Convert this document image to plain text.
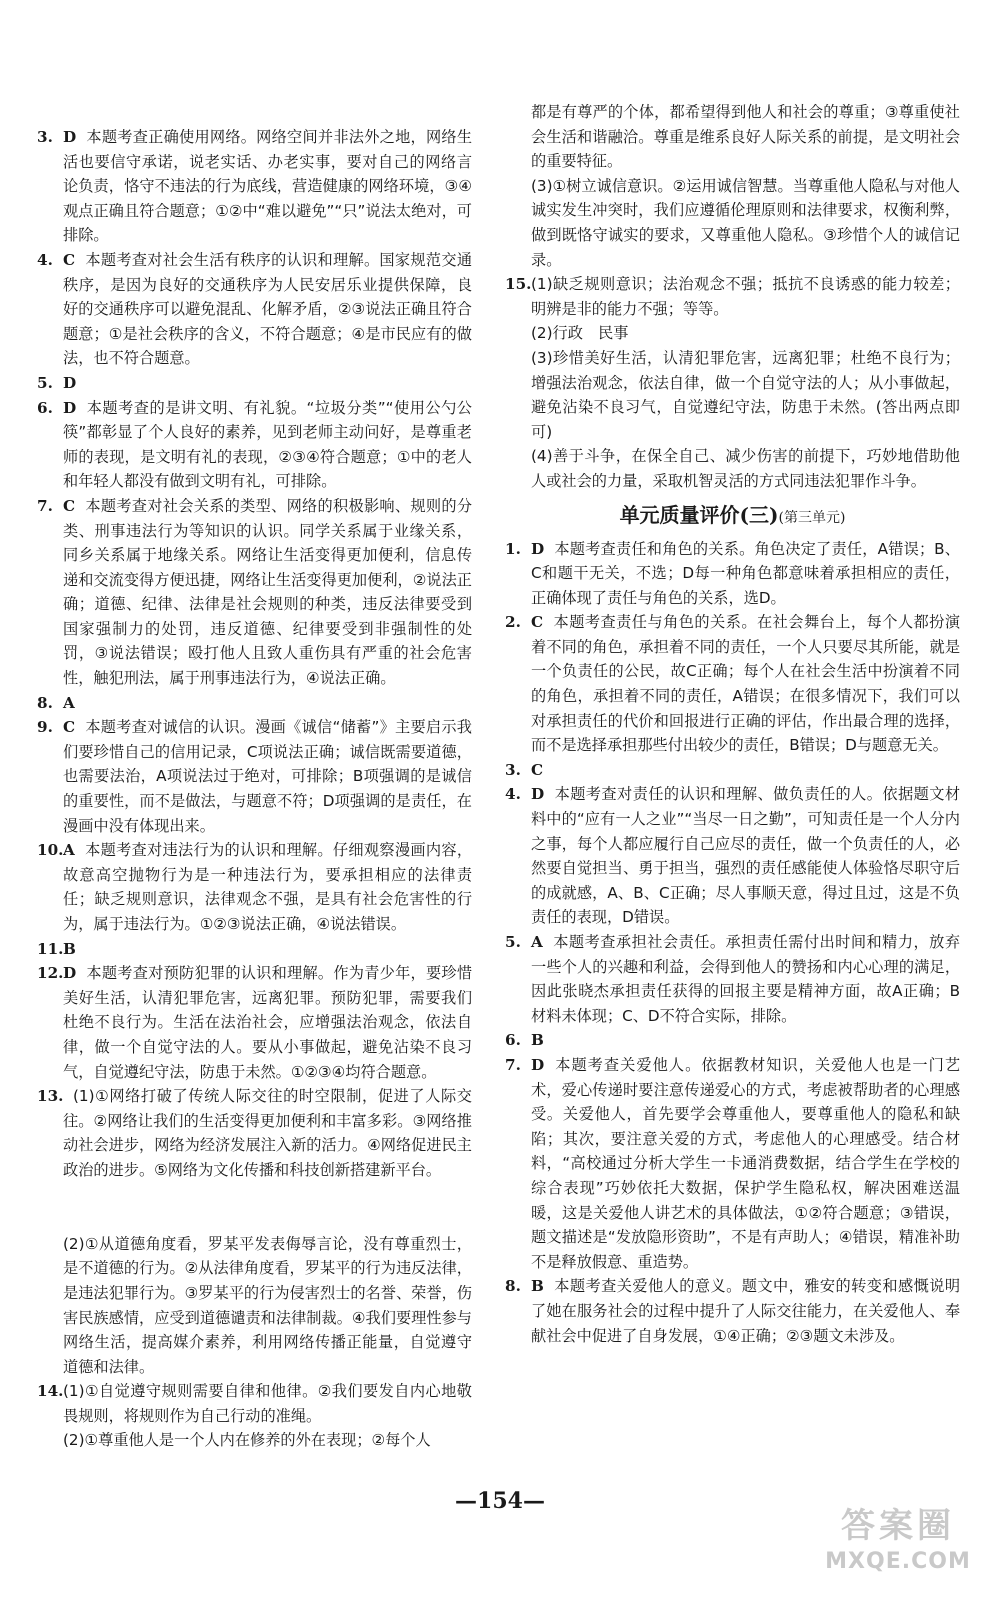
3. D 本题考查正确使用网络。网络空间并非法外之地，网络生活也要信守承诺，说老实话、办老实事，要对自己的网络言论负责，恪守不违法的行为底线，营造健康的网络环境，③④观点正确且符合题意；①②中“难以避免”“只”说法太绝对，可排除。

4. C 本题考查对社会生活有秩序的认识和理解。国家规范交通秩序，是因为良好的交通秩序为人民安居乐业提供保障，良好的交通秩序可以避免混乱、化解矛盾，②③说法正确且符合题意；①是社会秩序的含义，不符合题意；④是市民应有的做法，也不符合题意。

5. D

6. D 本题考查的是讲文明、有礼貌。“垃圾分类”“使用公勺公筷”都彰显了个人良好的素养，见到老师主动问好，是尊重老师的表现，是文明有礼的表现，②③④符合题意；①中的老人和年轻人都没有做到文明有礼，可排除。

7. C 本题考查对社会关系的类型、网络的积极影响、规则的分类、刑事违法行为等知识的认识。同学关系属于业缘关系，同乡关系属于地缘关系。网络让生活变得更加便利，信息传递和交流变得方便迅捷，网络让生活变得更加便利，②说法正确；道德、纪律、法律是社会规则的种类，违反法律要受到国家强制力的处罚，违反道德、纪律要受到非强制性的处罚，③说法错误；殴打他人且致人重伤具有严重的社会危害性，触犯刑法，属于刑事违法行为，④说法正确。

8. A

9. C 本题考查对诚信的认识。漫画《诚信“储蓄”》主要启示我们要珍惜自己的信用记录，C项说法正确；诚信既需要道德，也需要法治，A项说法过于绝对，可排除；B项强调的是诚信的重要性，而不是做法，与题意不符；D项强调的是责任，在漫画中没有体现出来。

10. A 本题考查对违法行为的认识和理解。仔细观察漫画内容，故意高空抛物行为是一种违法行为，要承担相应的法律责任；缺乏规则意识，法律观念不强，是具有社会危害性的行为，属于违法行为。①②③说法正确，④说法错误。

11. B

12. D 本题考查对预防犯罪的认识和理解。作为青少年，要珍惜美好生活，认清犯罪危害，远离犯罪。预防犯罪，需要我们杜绝不良行为。生活在法治社会，应增强法治观念，依法自律，做一个自觉守法的人。要从小事做起，避免沾染不良习气，自觉遵纪守法，防患于未然。①②③④均符合题意。

13. (1)①网络打破了传统人际交往的时空限制，促进了人际交往。②网络让我们的生活变得更加便利和丰富多彩。③网络推动社会进步，网络为经济发展注入新的活力。④网络促进民主政治的进步。⑤网络为文化传播和科技创新搭建新平台。

(2)①从道德角度看，罗某平发表侮辱言论，没有尊重烈士，是不道德的行为。②从法律角度看，罗某平的行为违反法律，是违法犯罪行为。③罗某平的行为侵害烈士的名誉、荣誉，伤害民族感情，应受到道德谴责和法律制裁。④我们要理性参与网络生活，提高媒介素养，利用网络传播正能量，自觉遵守道德和法律。

14. (1)①自觉遵守规则需要自律和他律。②我们要发自内心地敬畏规则，将规则作为自己行动的准绳。

(2)①尊重他人是一个人内在修养的外在表现；②每个人

都是有尊严的个体，都希望得到他人和社会的尊重；③尊重使社会生活和谐融洽。尊重是维系良好人际关系的前提，是文明社会的重要特征。

(3)①树立诚信意识。②运用诚信智慧。当尊重他人隐私与对他人诚实发生冲突时，我们应遵循伦理原则和法律要求，权衡利弊，做到既恪守诚实的要求，又尊重他人隐私。③珍惜个人的诚信记录。

15. (1)缺乏规则意识；法治观念不强；抵抗不良诱惑的能力较差；明辨是非的能力不强；等等。

(2)行政　民事

(3)珍惜美好生活，认清犯罪危害，远离犯罪；杜绝不良行为；增强法治观念，依法自律，做一个自觉守法的人；从小事做起，避免沾染不良习气，自觉遵纪守法，防患于未然。(答出两点即可)

(4)善于斗争，在保全自己、减少伤害的前提下，巧妙地借助他人或社会的力量，采取机智灵活的方式同违法犯罪作斗争。

单元质量评价(三)(第三单元)

1. D 本题考查责任和角色的关系。角色决定了责任，A错误；B、C和题干无关，不选；D每一种角色都意味着承担相应的责任，正确体现了责任与角色的关系，选D。

2. C 本题考查责任与角色的关系。在社会舞台上，每个人都扮演着不同的角色，承担着不同的责任，一个人只要尽其所能，就是一个负责任的公民，故C正确；每个人在社会生活中扮演着不同的角色，承担着不同的责任，A错误；在很多情况下，我们可以对承担责任的代价和回报进行正确的评估，作出最合理的选择，而不是选择承担那些付出较少的责任，B错误；D与题意无关。

3. C

4. D 本题考查对责任的认识和理解、做负责任的人。依据题文材料中的“应有一人之业”“当尽一日之勤”，可知责任是一个人分内之事，每个人都应履行自己应尽的责任，做一个负责任的人，必然要自觉担当、勇于担当，强烈的责任感能使人体验恪尽职守后的成就感，A、B、C正确；尽人事顺天意，得过且过，这是不负责任的表现，D错误。

5. A 本题考查承担社会责任。承担责任需付出时间和精力，放弃一些个人的兴趣和利益，会得到他人的赞扬和内心心理的满足，因此张晓杰承担责任获得的回报主要是精神方面，故A正确；B材料未体现；C、D不符合实际，排除。

6. B

7. D 本题考查关爱他人。依据教材知识，关爱他人也是一门艺术，爱心传递时要注意传递爱心的方式，考虑被帮助者的心理感受。关爱他人，首先要学会尊重他人，要尊重他人的隐私和缺陷；其次，要注意关爱的方式，考虑他人的心理感受。结合材料，“高校通过分析大学生一卡通消费数据，结合学生在学校的综合表现”巧妙依托大数据，保护学生隐私权，解决困难送温暖，这是关爱他人讲艺术的具体做法，①②符合题意；③错误，题文描述是“发放隐形资助”，不是有声助人；④错误，精准补助不是释放假意、重造势。

8. B 本题考查关爱他人的意义。题文中，雅安的转变和感慨说明了她在服务社会的过程中提升了人际交往能力，在关爱他人、奉献社会中促进了自身发展，①④正确；②③题文未涉及。

—154—
答案圈
MXQE.COM
